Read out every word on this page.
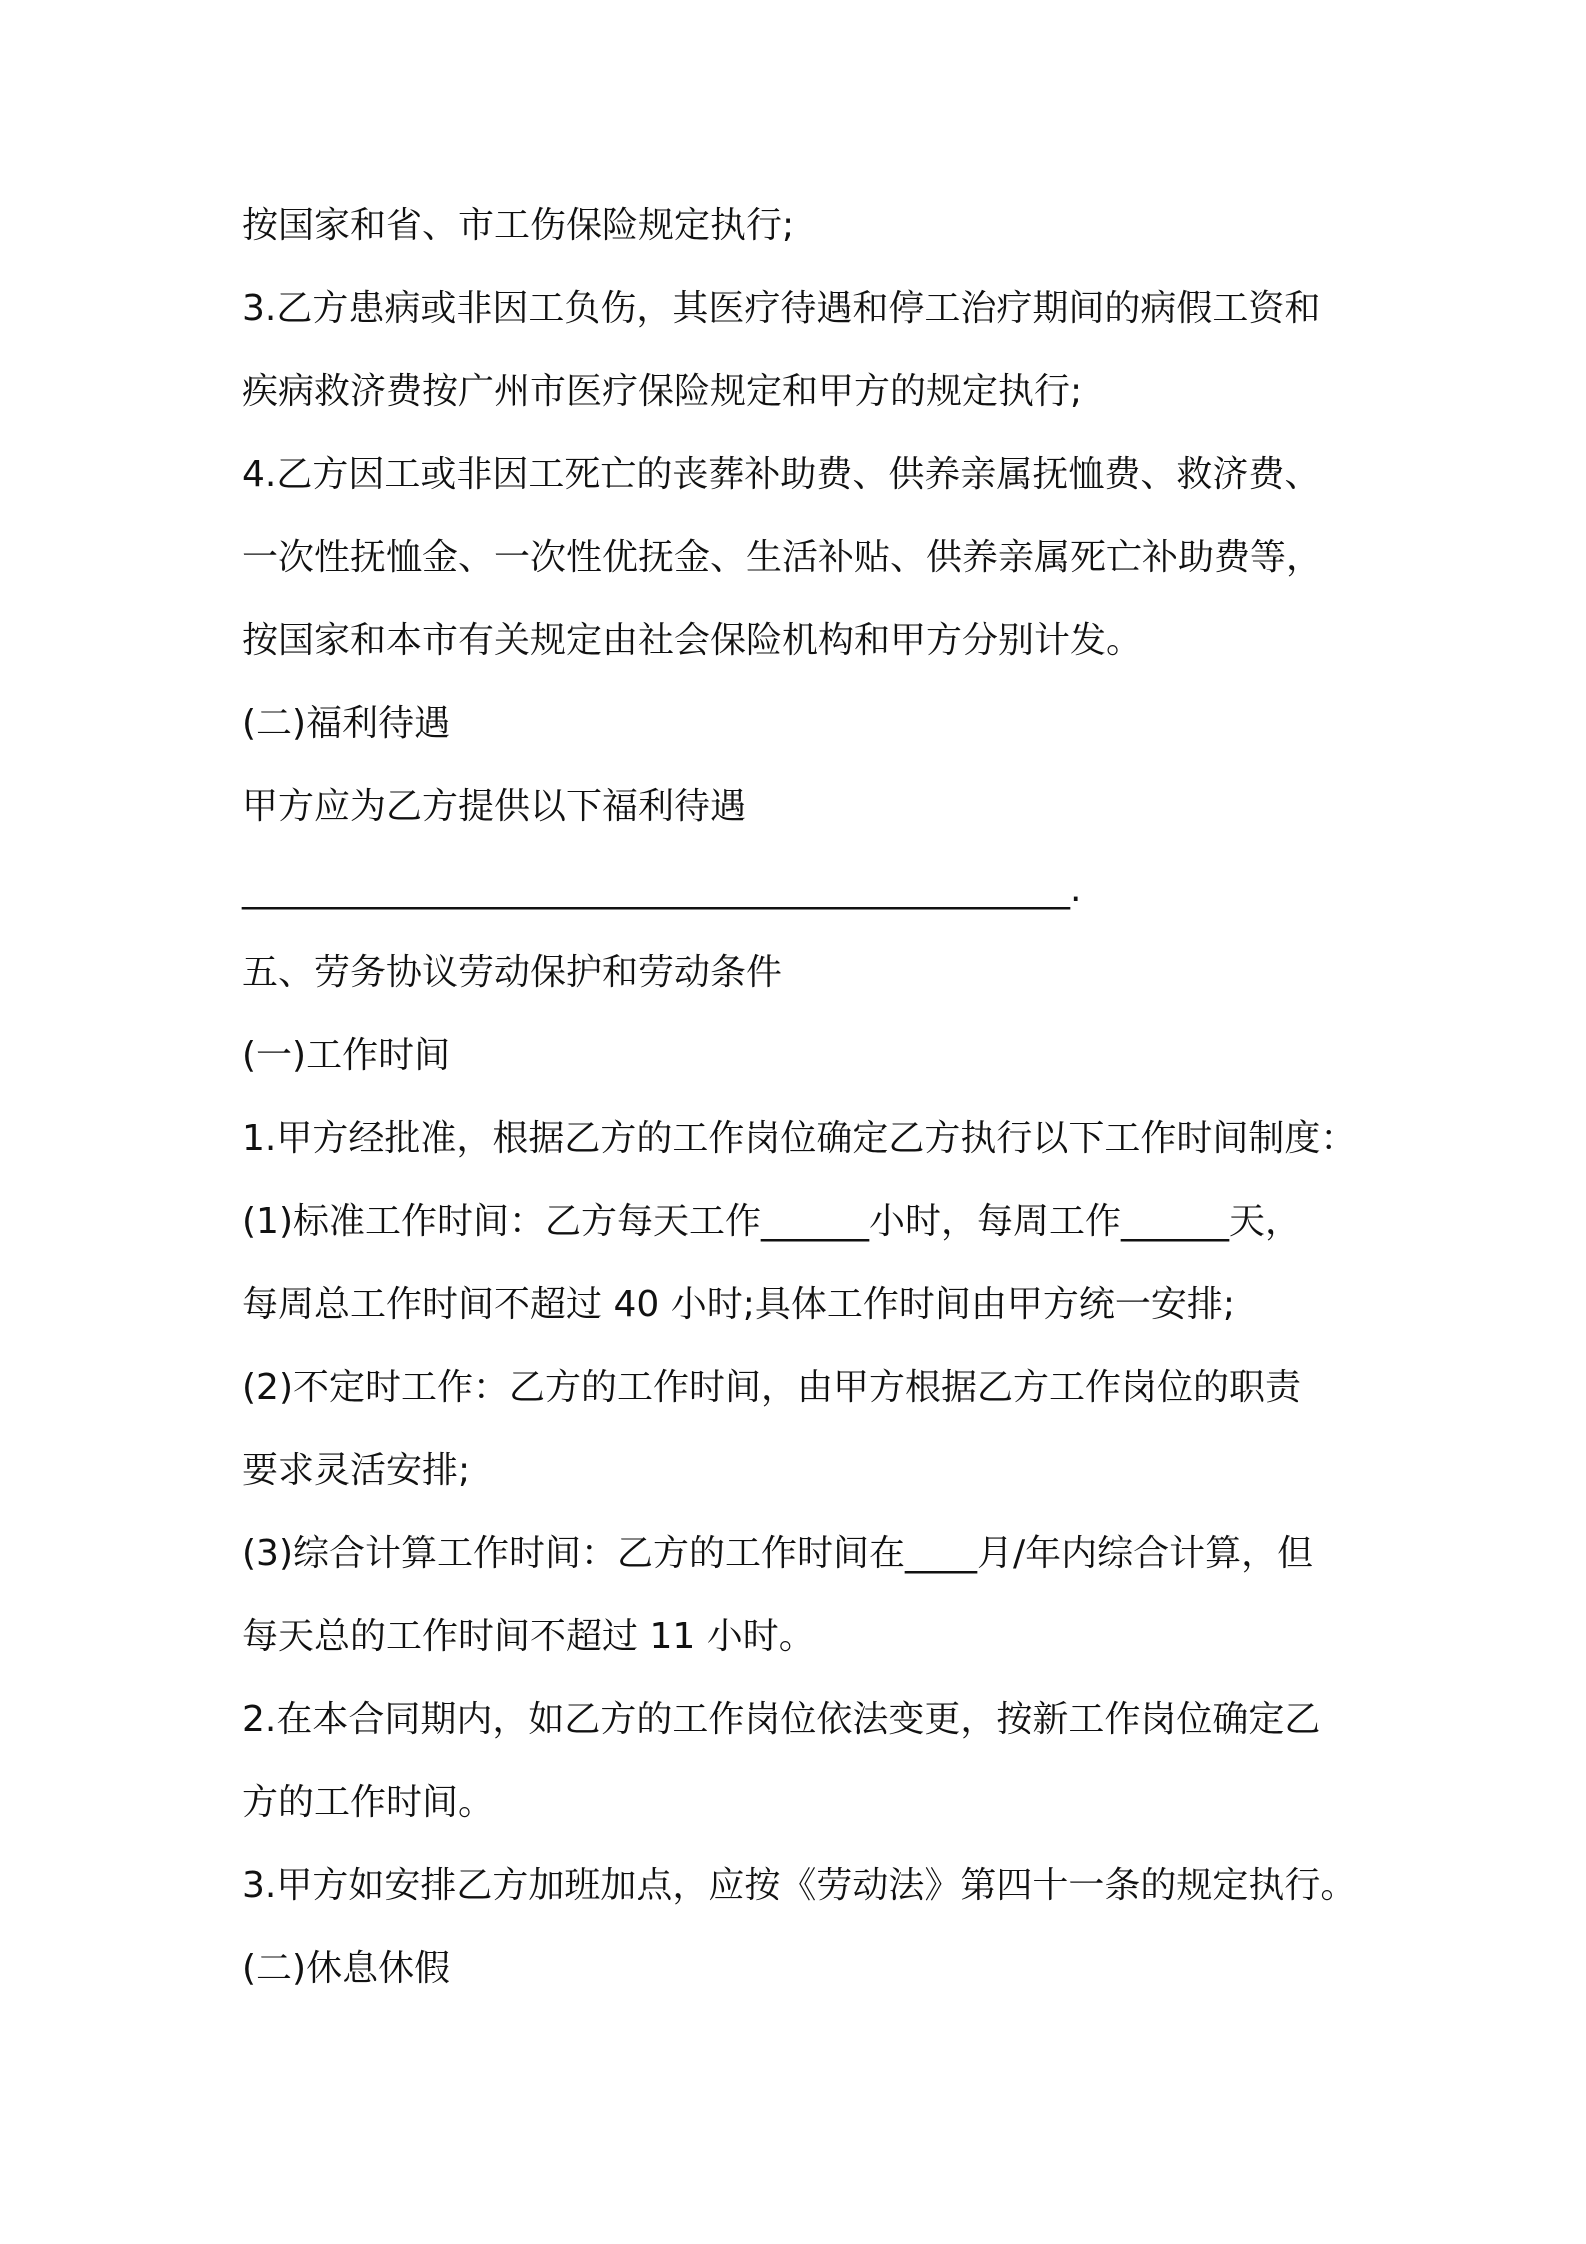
按国家和省、市工伤保险规定执行;

3.乙方患病或非因工负伤，其医疗待遇和停工治疗期间的病假工资和

疾病救济费按广州市医疗保险规定和甲方的规定执行;

4.乙方因工或非因工死亡的丧葬补助费、供养亲属抚恤费、救济费、

一次性抚恤金、一次性优抚金、生活补贴、供养亲属死亡补助费等，

按国家和本市有关规定由社会保险机构和甲方分别计发。

(二)福利待遇

甲方应为乙方提供以下福利待遇

______________________________________________.

五、劳务协议劳动保护和劳动条件

(一)工作时间

1.甲方经批准，根据乙方的工作岗位确定乙方执行以下工作时间制度：

(1)标准工作时间：乙方每天工作______小时，每周工作______天，

每周总工作时间不超过 40 小时;具体工作时间由甲方统一安排;

(2)不定时工作：乙方的工作时间，由甲方根据乙方工作岗位的职责

要求灵活安排;

(3)综合计算工作时间：乙方的工作时间在____月/年内综合计算，但

每天总的工作时间不超过 11 小时。

2.在本合同期内，如乙方的工作岗位依法变更，按新工作岗位确定乙

方的工作时间。

3.甲方如安排乙方加班加点，应按《劳动法》第四十一条的规定执行。

(二)休息休假
